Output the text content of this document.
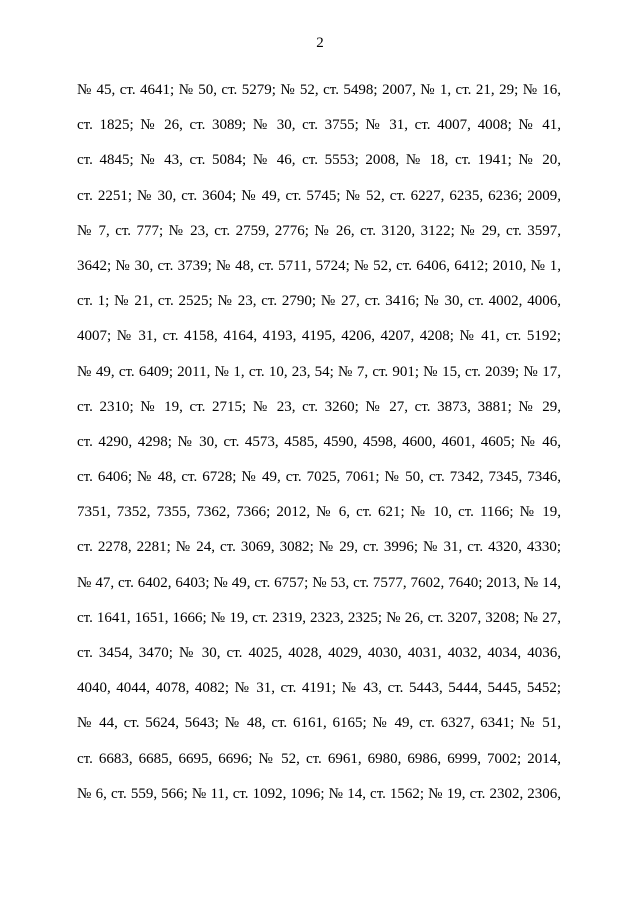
2
№ 45, ст. 4641; № 50, ст. 5279; № 52, ст. 5498; 2007, № 1, ст. 21, 29; № 16,
ст. 1825; № 26, ст. 3089; № 30, ст. 3755; № 31, ст. 4007, 4008; № 41,
ст. 4845; № 43, ст. 5084; № 46, ст. 5553; 2008, № 18, ст. 1941; № 20,
ст. 2251; № 30, ст. 3604; № 49, ст. 5745; № 52, ст. 6227, 6235, 6236; 2009,
№ 7, ст. 777; № 23, ст. 2759, 2776; № 26, ст. 3120, 3122; № 29, ст. 3597,
3642; № 30, ст. 3739; № 48, ст. 5711, 5724; № 52, ст. 6406, 6412; 2010, № 1,
ст. 1; № 21, ст. 2525; № 23, ст. 2790; № 27, ст. 3416; № 30, ст. 4002, 4006,
4007; № 31, ст. 4158, 4164, 4193, 4195, 4206, 4207, 4208; № 41, ст. 5192;
№ 49, ст. 6409; 2011, № 1, ст. 10, 23, 54; № 7, ст. 901; № 15, ст. 2039; № 17,
ст. 2310; № 19, ст. 2715; № 23, ст. 3260; № 27, ст. 3873, 3881; № 29,
ст. 4290, 4298; № 30, ст. 4573, 4585, 4590, 4598, 4600, 4601, 4605; № 46,
ст. 6406; № 48, ст. 6728; № 49, ст. 7025, 7061; № 50, ст. 7342, 7345, 7346,
7351, 7352, 7355, 7362, 7366; 2012, № 6, ст. 621; № 10, ст. 1166; № 19,
ст. 2278, 2281; № 24, ст. 3069, 3082; № 29, ст. 3996; № 31, ст. 4320, 4330;
№ 47, ст. 6402, 6403; № 49, ст. 6757; № 53, ст. 7577, 7602, 7640; 2013, № 14,
ст. 1641, 1651, 1666; № 19, ст. 2319, 2323, 2325; № 26, ст. 3207, 3208; № 27,
ст. 3454, 3470; № 30, ст. 4025, 4028, 4029, 4030, 4031, 4032, 4034, 4036,
4040, 4044, 4078, 4082; № 31, ст. 4191; № 43, ст. 5443, 5444, 5445, 5452;
№ 44, ст. 5624, 5643; № 48, ст. 6161, 6165; № 49, ст. 6327, 6341; № 51,
ст. 6683, 6685, 6695, 6696; № 52, ст. 6961, 6980, 6986, 6999, 7002; 2014,
№ 6, ст. 559, 566; № 11, ст. 1092, 1096; № 14, ст. 1562; № 19, ст. 2302, 2306,
